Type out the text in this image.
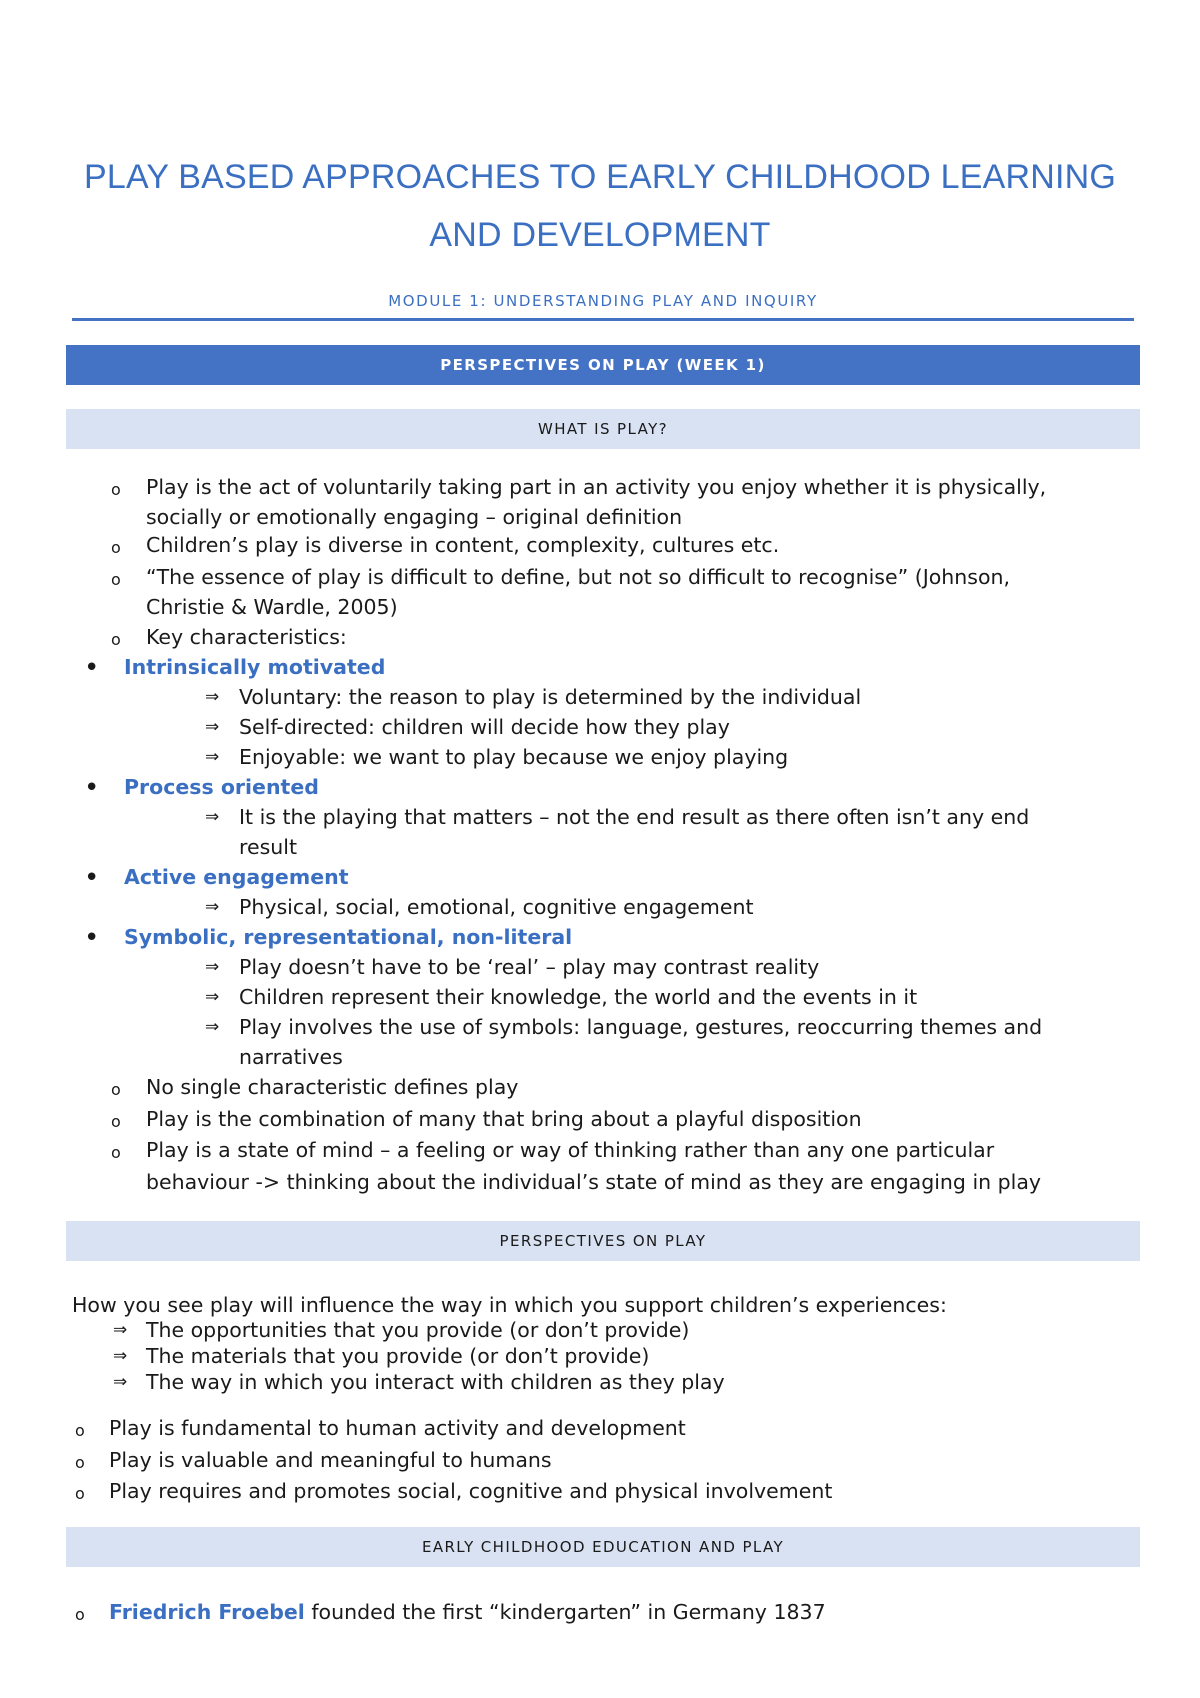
PLAY BASED APPROACHES TO EARLY CHILDHOOD LEARNING
AND DEVELOPMENT
MODULE 1: UNDERSTANDING PLAY AND INQUIRY
PERSPECTIVES ON PLAY (WEEK 1)
WHAT IS PLAY?
o Play is the act of voluntarily taking part in an activity you enjoy whether it is physically,
socially or emotionally engaging – original definition
o Children’s play is diverse in content, complexity, cultures etc.
o “The essence of play is difficult to define, but not so difficult to recognise” (Johnson,
Christie & Wardle, 2005)
o Key characteristics:
• Intrinsically motivated
⇒ Voluntary: the reason to play is determined by the individual
⇒ Self-directed: children will decide how they play
⇒ Enjoyable: we want to play because we enjoy playing
• Process oriented
⇒ It is the playing that matters – not the end result as there often isn’t any end
result
• Active engagement
⇒ Physical, social, emotional, cognitive engagement
• Symbolic, representational, non-literal
⇒ Play doesn’t have to be ‘real’ – play may contrast reality
⇒ Children represent their knowledge, the world and the events in it
⇒ Play involves the use of symbols: language, gestures, reoccurring themes and
narratives
o No single characteristic defines play
o Play is the combination of many that bring about a playful disposition
o Play is a state of mind – a feeling or way of thinking rather than any one particular
behaviour -> thinking about the individual’s state of mind as they are engaging in play
PERSPECTIVES ON PLAY
How you see play will influence the way in which you support children’s experiences:
⇒ The opportunities that you provide (or don’t provide)
⇒ The materials that you provide (or don’t provide)
⇒ The way in which you interact with children as they play
o Play is fundamental to human activity and development
o Play is valuable and meaningful to humans
o Play requires and promotes social, cognitive and physical involvement
EARLY CHILDHOOD EDUCATION AND PLAY
o Friedrich Froebel founded the first “kindergarten” in Germany 1837
